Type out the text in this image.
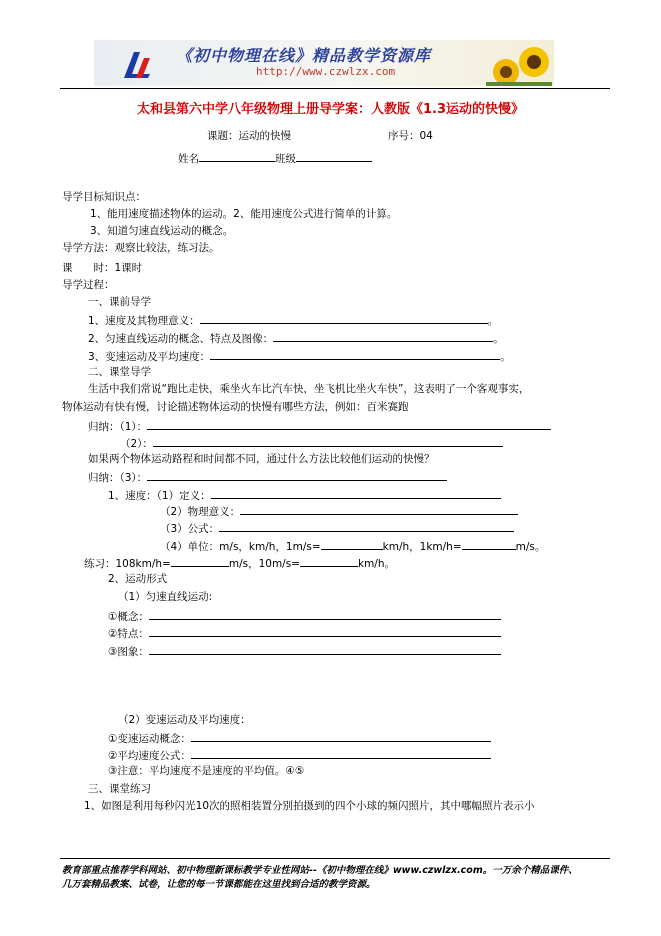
《初中物理在线》精品教学资源库
http://www.czwlzx.com
太和县第六中学八年级物理上册导学案：人教版《1.3运动的快慢》
课题：运动的快慢	序号：04
姓名	班级
导学目标知识点：
1、能用速度描述物体的运动。2、能用速度公式进行简单的计算。
3、知道匀速直线运动的概念。
导学方法：观察比较法，练习法。
课　　时：1课时
导学过程：
一、课前导学
1、速度及其物理意义：	。
2、匀速直线运动的概念、特点及图像：	。
3、变速运动及平均速度：	。
二、课堂导学
生活中我们常说“跑比走快，乘坐火车比汽车快，坐飞机比坐火车快”，这表明了一个客观事实，
物体运动有快有慢，讨论描述物体运动的快慢有哪些方法，例如：百米赛跑
归纳：（1）：
（2）：
如果两个物体运动路程和时间都不同，通过什么方法比较他们运动的快慢？
归纳：（3）：
1、速度：（1）定义：
（2）物理意义：
（3）公式：
（4）单位：m/s，km/h，1m/s=	km/h，1km/h=	m/s。
练习：108km/h=	m/s，10m/s=	km/h。
2、运动形式
（1）匀速直线运动:
①概念：
②特点：
③图象：
（2）变速运动及平均速度：
①变速运动概念：
②平均速度公式：
③注意：平均速度不是速度的平均值。④⑤
三、课堂练习
1、如图是利用每秒闪光10次的照相装置分别拍摄到的四个小球的频闪照片，其中哪幅照片表示小
教育部重点推荐学科网站、初中物理新课标教学专业性网站--《初中物理在线》www.czwlzx.com。一万余个精品课件、
几万套精品教案、试卷，让您的每一节课都能在这里找到合适的教学资源。
